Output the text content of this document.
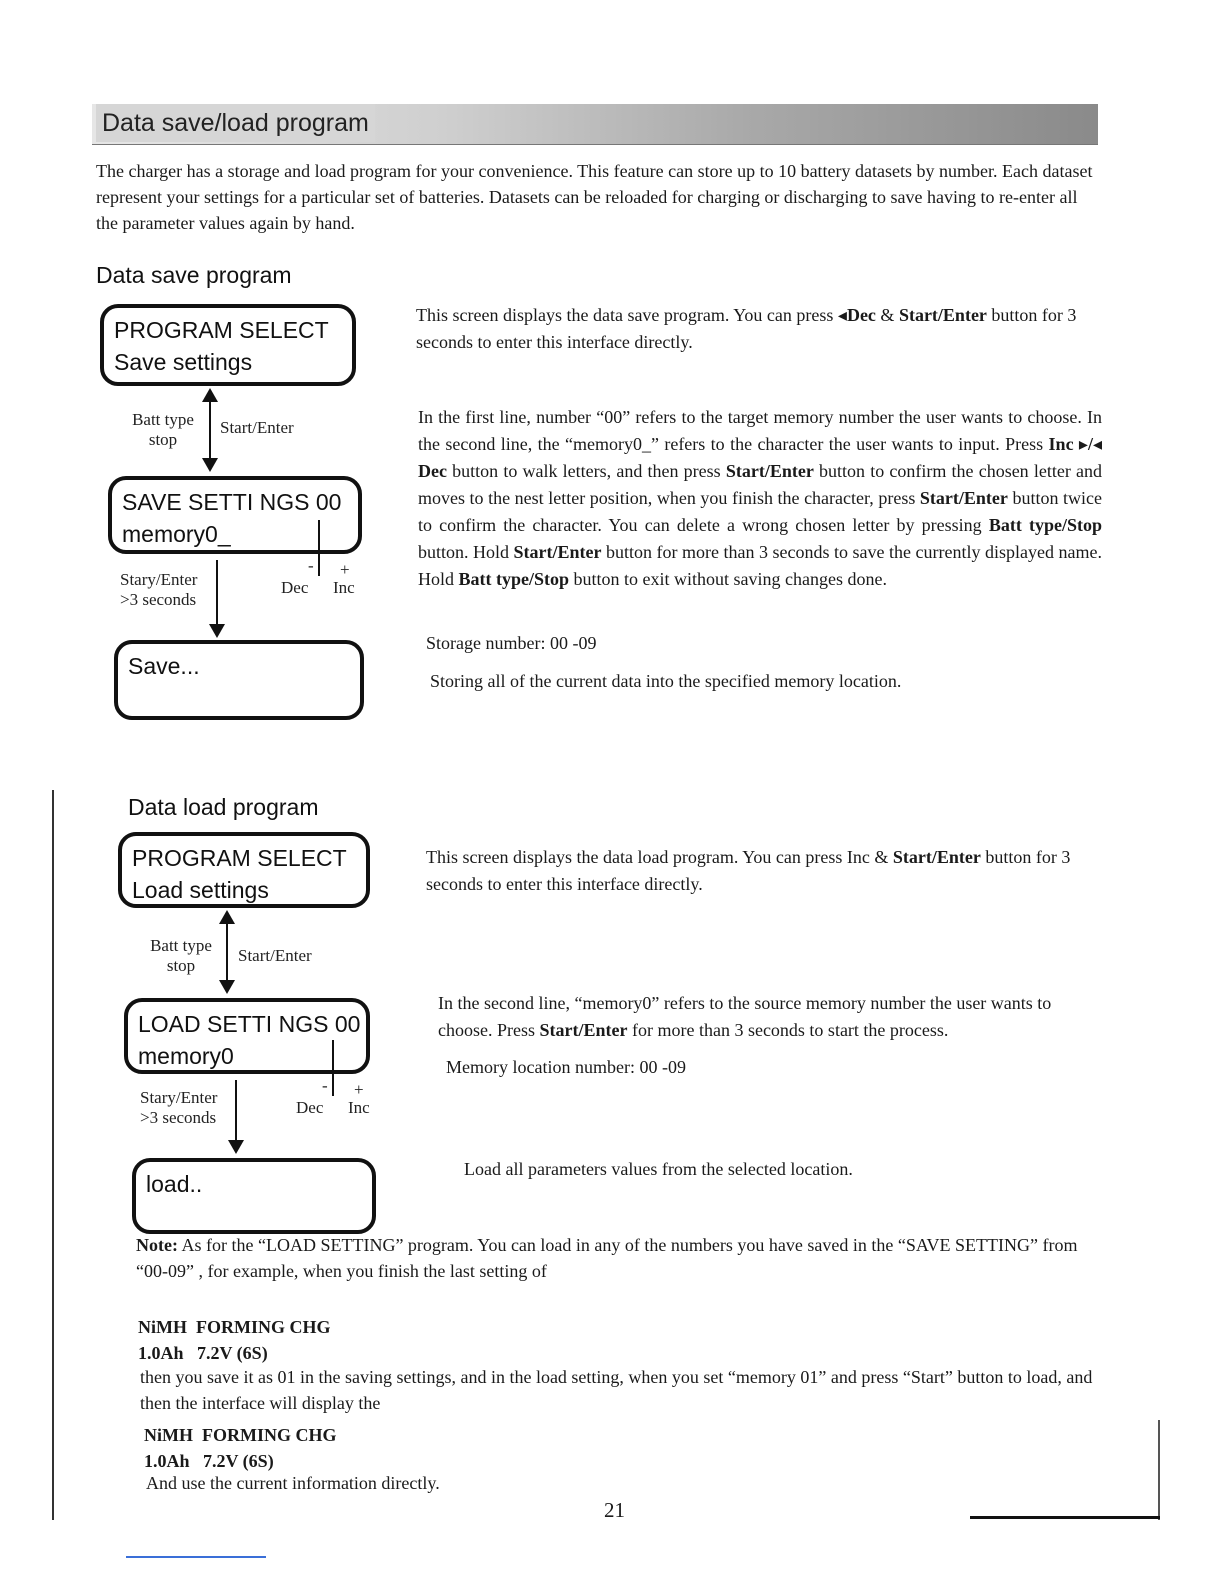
Data save/load program
The charger has a storage and load program for your convenience. This feature can store up to 10 battery datasets by number. Each dataset represent your settings for a particular set of batteries. Datasets can be reloaded for charging or discharging to save having to re-enter all the parameter values again by hand.
Data save program
PROGRAM SELECT
Save settings
Batt type
stop
Start/Enter
SAVE SETTI NGS 00
memory0_
Stary/Enter
>3 seconds
- +
Dec Inc
Save...
This screen displays the data save program. You can press ◂Dec & Start/Enter button for 3 seconds to enter this interface directly.
In the first line, number “00” refers to the target memory number the user wants to choose. In the second line, the “memory0_” refers to the character the user wants to input. Press Inc ▸/◂ Dec button to walk letters, and then press Start/Enter button to confirm the chosen letter and moves to the nest letter position, when you finish the character, press Start/Enter button twice to confirm the character. You can delete a wrong chosen letter by pressing Batt type/Stop button. Hold Start/Enter button for more than 3 seconds to save the currently displayed name. Hold Batt type/Stop button to exit without saving changes done.
Storage number: 00 -09
Storing all of the current data into the specified memory location.
Data load program
PROGRAM SELECT
Load settings
Batt type
stop
Start/Enter
LOAD SETTI NGS 00
memory0
Stary/Enter
>3 seconds
- +
Dec Inc
load..
This screen displays the data load program. You can press Inc & Start/Enter button for 3 seconds to enter this interface directly.
In the second line, “memory0” refers to the source memory number the user wants to choose. Press Start/Enter for more than 3 seconds to start the process.
Memory location number: 00 -09
Load all parameters values from the selected location.
Note: As for the “LOAD SETTING” program. You can load in any of the numbers you have saved in the “SAVE SETTING” from “00-09” , for example, when you finish the last setting of
NiMH  FORMING CHG
1.0Ah   7.2V (6S)
then you save it as 01 in the saving settings, and in the load setting, when you set “memory 01” and press “Start” button to load, and then the interface will display the
NiMH  FORMING CHG
1.0Ah   7.2V (6S)
And use the current information directly.
21
